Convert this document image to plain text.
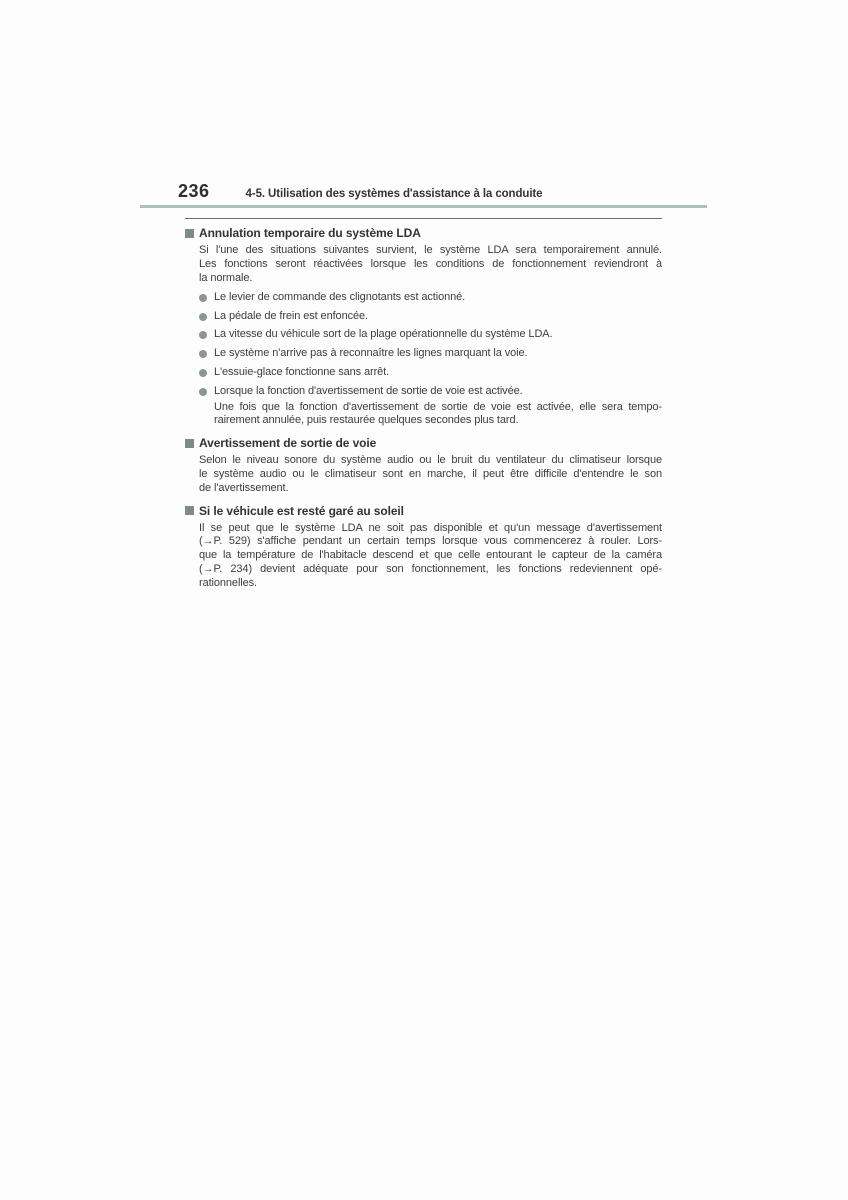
236	4-5. Utilisation des systèmes d'assistance à la conduite
Annulation temporaire du système LDA
Si l'une des situations suivantes survient, le système LDA sera temporairement annulé.
Les fonctions seront réactivées lorsque les conditions de fonctionnement reviendront à
la normale.
Le levier de commande des clignotants est actionné.
La pédale de frein est enfoncée.
La vitesse du véhicule sort de la plage opérationnelle du système LDA.
Le système n'arrive pas à reconnaître les lignes marquant la voie.
L'essuie-glace fonctionne sans arrêt.
Lorsque la fonction d'avertissement de sortie de voie est activée.
Une fois que la fonction d'avertissement de sortie de voie est activée, elle sera tempo-
rairement annulée, puis restaurée quelques secondes plus tard.
Avertissement de sortie de voie
Selon le niveau sonore du système audio ou le bruit du ventilateur du climatiseur lorsque
le système audio ou le climatiseur sont en marche, il peut être difficile d'entendre le son
de l'avertissement.
Si le véhicule est resté garé au soleil
Il se peut que le système LDA ne soit pas disponible et qu'un message d'avertissement
(→P. 529) s'affiche pendant un certain temps lorsque vous commencerez à rouler. Lors-
que la température de l'habitacle descend et que celle entourant le capteur de la caméra
(→P. 234) devient adéquate pour son fonctionnement, les fonctions redeviennent opé-
rationnelles.
